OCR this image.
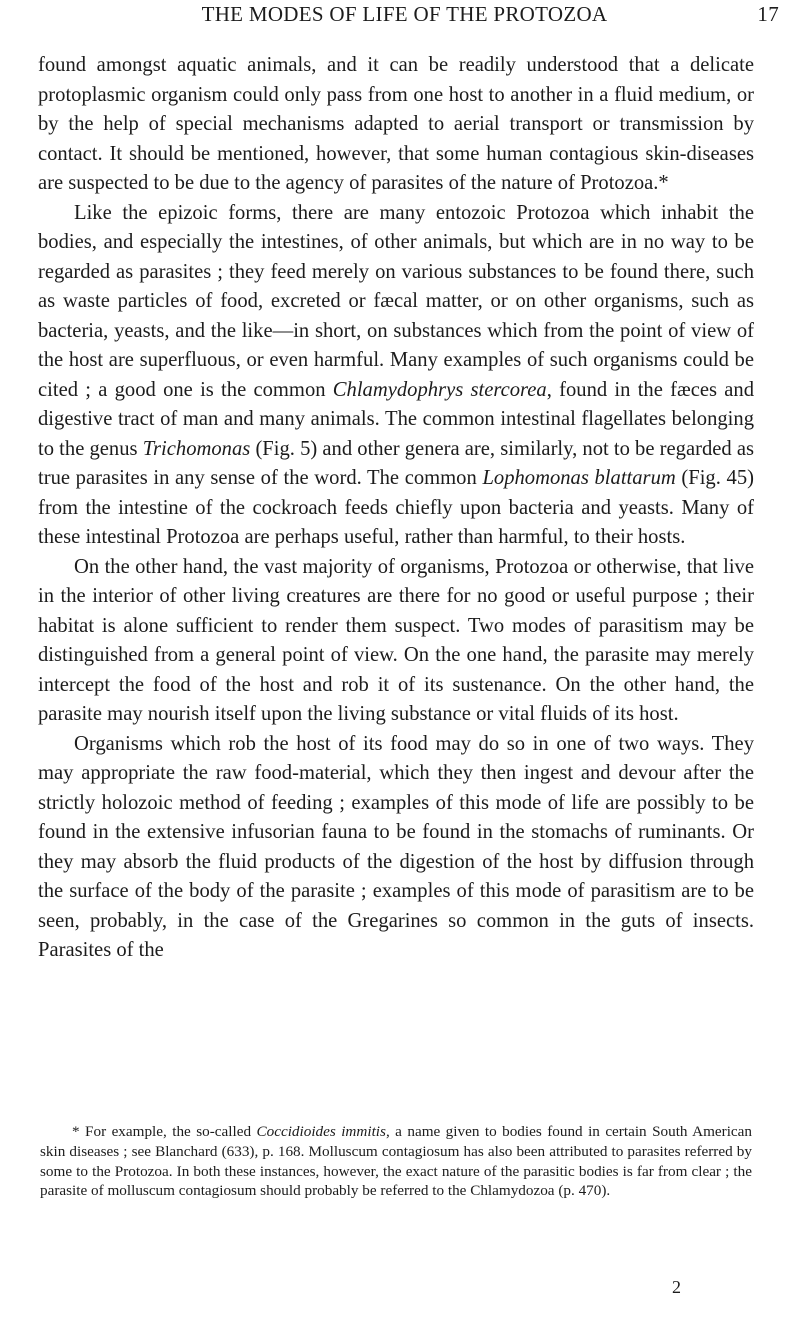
THE MODES OF LIFE OF THE PROTOZOA	17

found amongst aquatic animals, and it can be readily understood that a delicate protoplasmic organism could only pass from one host to another in a fluid medium, or by the help of special mechanisms adapted to aerial transport or transmission by contact. It should be mentioned, however, that some human contagious skin-diseases are suspected to be due to the agency of parasites of the nature of Protozoa.*

Like the epizoic forms, there are many entozoic Protozoa which inhabit the bodies, and especially the intestines, of other animals, but which are in no way to be regarded as parasites ; they feed merely on various substances to be found there, such as waste particles of food, excreted or fæcal matter, or on other organisms, such as bacteria, yeasts, and the like—in short, on substances which from the point of view of the host are superfluous, or even harmful. Many examples of such organisms could be cited ; a good one is the common Chlamydophrys stercorea, found in the fæces and digestive tract of man and many animals. The common intestinal flagellates belonging to the genus Trichomonas (Fig. 5) and other genera are, similarly, not to be regarded as true parasites in any sense of the word. The common Lophomonas blattarum (Fig. 45) from the intestine of the cockroach feeds chiefly upon bacteria and yeasts. Many of these intestinal Protozoa are perhaps useful, rather than harmful, to their hosts.

On the other hand, the vast majority of organisms, Protozoa or otherwise, that live in the interior of other living creatures are there for no good or useful purpose ; their habitat is alone sufficient to render them suspect. Two modes of parasitism may be distinguished from a general point of view. On the one hand, the parasite may merely intercept the food of the host and rob it of its sustenance. On the other hand, the parasite may nourish itself upon the living substance or vital fluids of its host.

Organisms which rob the host of its food may do so in one of two ways. They may appropriate the raw food-material, which they then ingest and devour after the strictly holozoic method of feeding ; examples of this mode of life are possibly to be found in the extensive infusorian fauna to be found in the stomachs of ruminants. Or they may absorb the fluid products of the digestion of the host by diffusion through the surface of the body of the parasite ; examples of this mode of parasitism are to be seen, probably, in the case of the Gregarines so common in the guts of insects. Parasites of the

* For example, the so-called Coccidioides immitis, a name given to bodies found in certain South American skin diseases ; see Blanchard (633), p. 168. Molluscum contagiosum has also been attributed to parasites referred by some to the Protozoa. In both these instances, however, the exact nature of the parasitic bodies is far from clear ; the parasite of molluscum contagiosum should probably be referred to the Chlamydozoa (p. 470).

2
